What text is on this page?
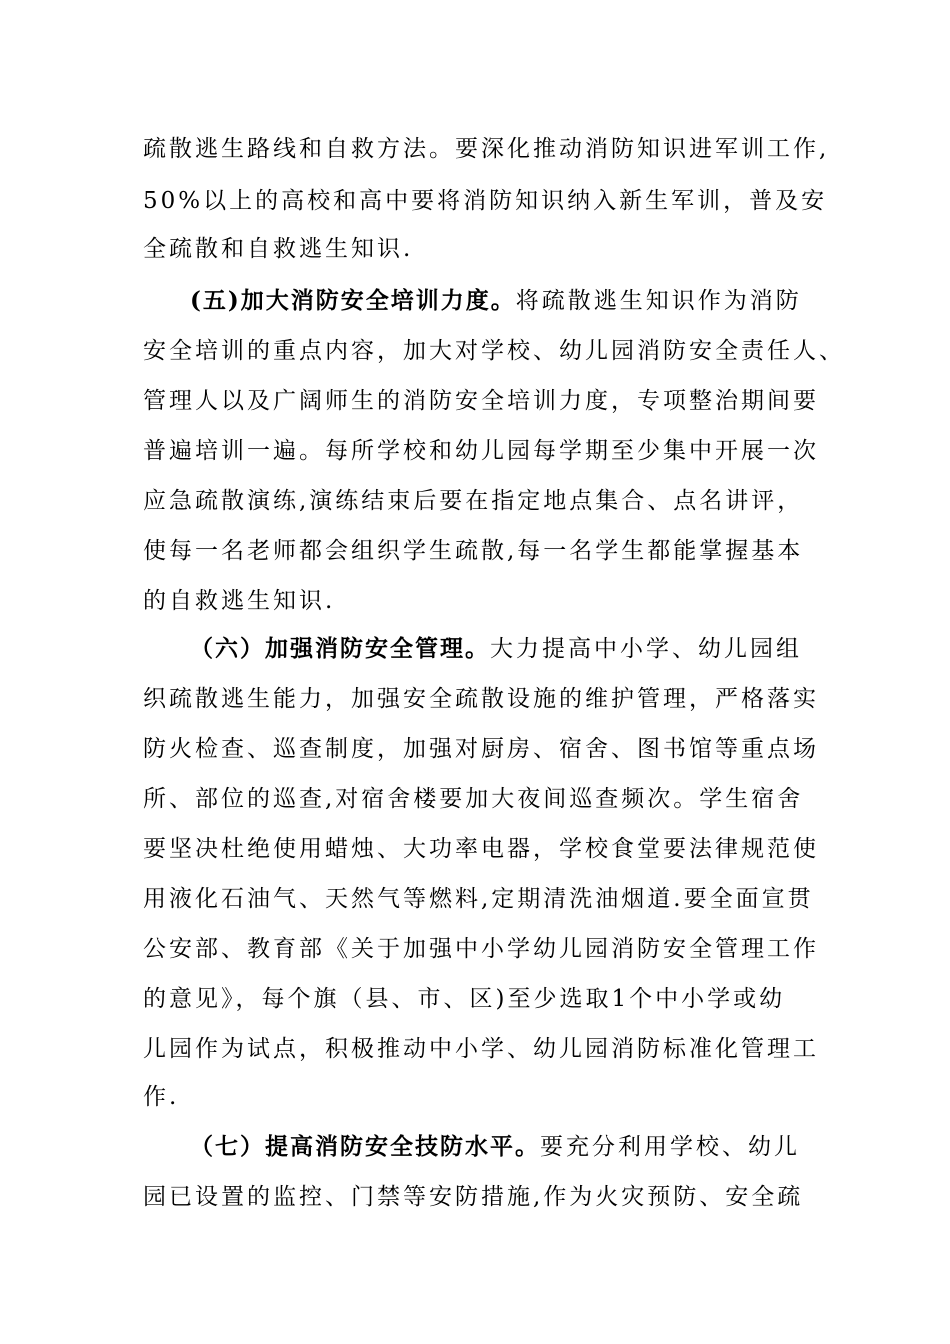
疏散逃生路线和自救方法。要深化推动消防知识进军训工作,
50%以上的高校和高中要将消防知识纳入新生军训，普及安
全疏散和自救逃生知识.
(五)加大消防安全培训力度。将疏散逃生知识作为消防
安全培训的重点内容，加大对学校、幼儿园消防安全责任人、
管理人以及广阔师生的消防安全培训力度，专项整治期间要
普遍培训一遍。每所学校和幼儿园每学期至少集中开展一次
应急疏散演练,演练结束后要在指定地点集合、点名讲评，
使每一名老师都会组织学生疏散,每一名学生都能掌握基本
的自救逃生知识.
（六）加强消防安全管理。大力提高中小学、幼儿园组
织疏散逃生能力，加强安全疏散设施的维护管理，严格落实
防火检查、巡查制度，加强对厨房、宿舍、图书馆等重点场
所、部位的巡查,对宿舍楼要加大夜间巡查频次。学生宿舍
要坚决杜绝使用蜡烛、大功率电器，学校食堂要法律规范使
用液化石油气、天然气等燃料,定期清洗油烟道.要全面宣贯
公安部、教育部《关于加强中小学幼儿园消防安全管理工作
的意见》，每个旗（县、市、区)至少选取1个中小学或幼
儿园作为试点，积极推动中小学、幼儿园消防标准化管理工
作.
（七）提高消防安全技防水平。要充分利用学校、幼儿
园已设置的监控、门禁等安防措施,作为火灾预防、安全疏
